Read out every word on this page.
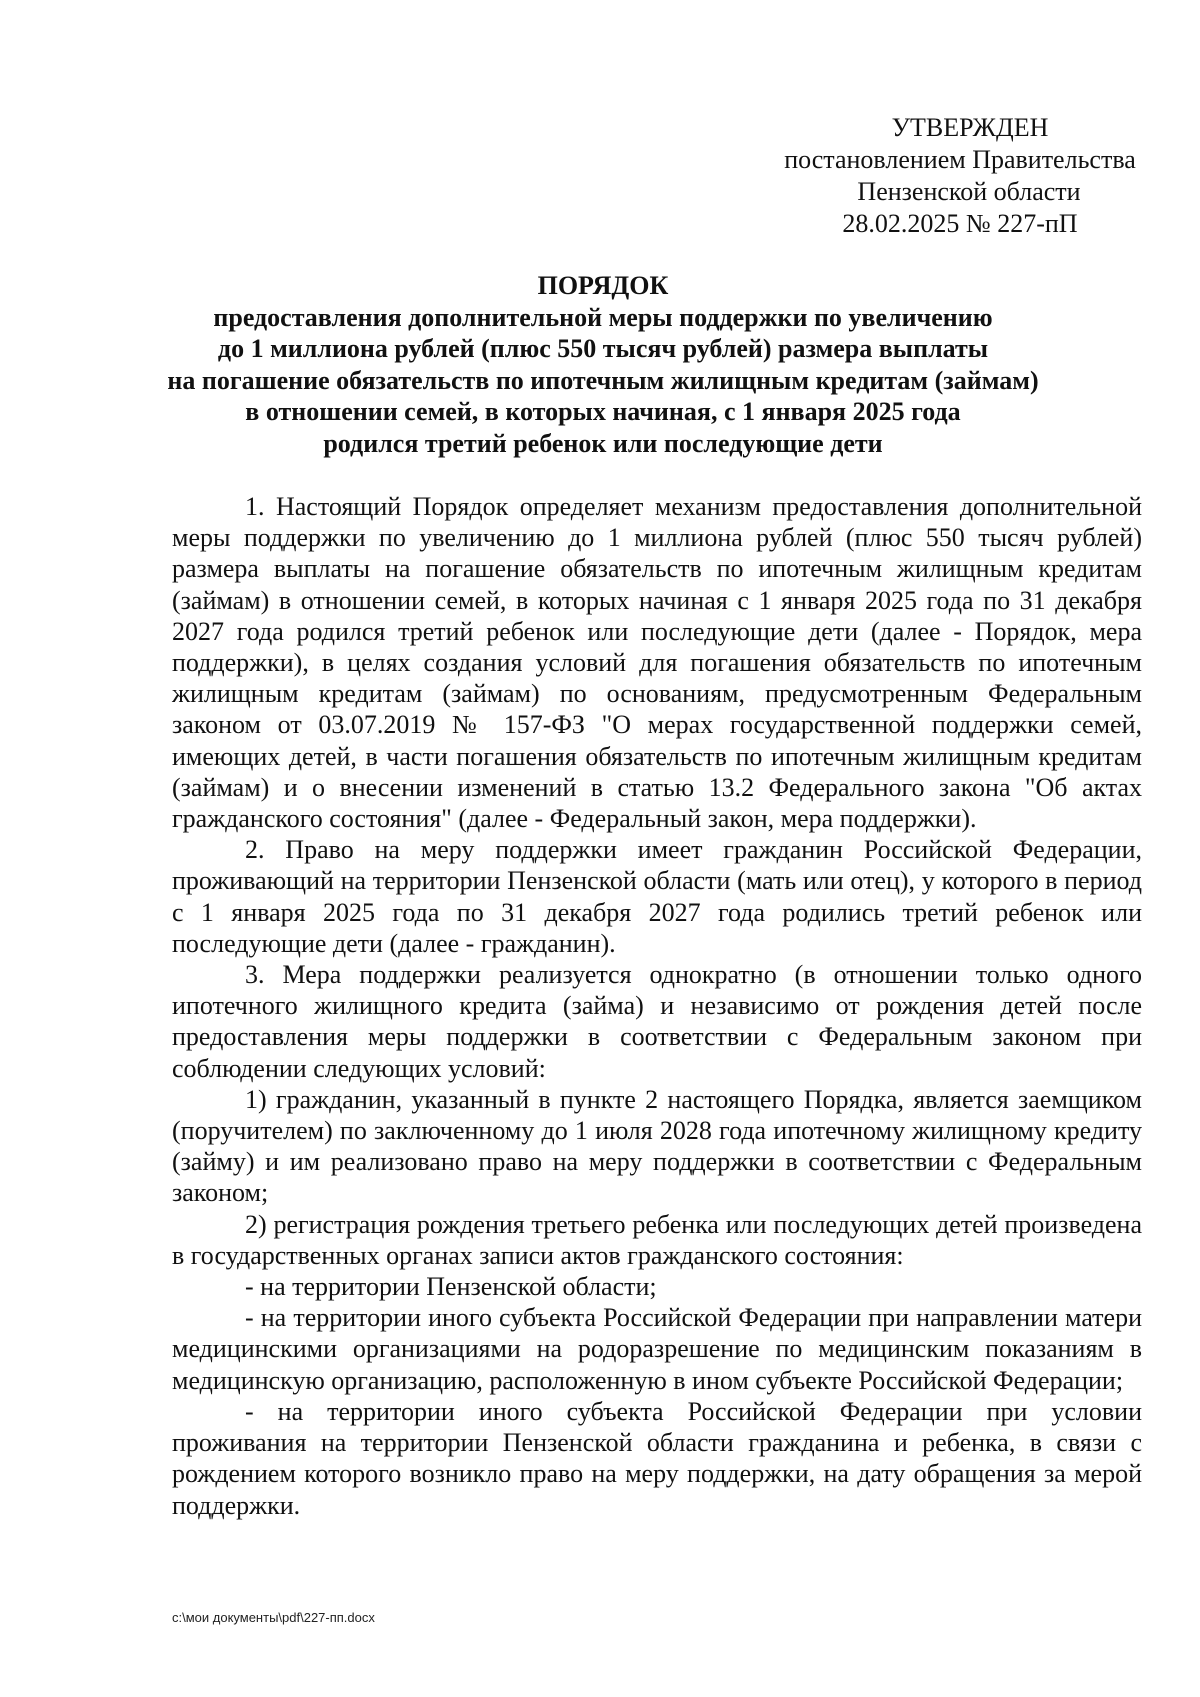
УТВЕРЖДЕН
постановлением Правительства
Пензенской области
28.02.2025 № 227-пП
ПОРЯДОК
предоставления дополнительной меры поддержки по увеличению
до 1 миллиона рублей (плюс 550 тысяч рублей) размера выплаты
на погашение обязательств по ипотечным жилищным кредитам (займам)
в отношении семей, в которых начиная, с 1 января 2025 года
родился третий ребенок или последующие дети

1. Настоящий Порядок определяет механизм предоставления дополнительной меры поддержки по увеличению до 1 миллиона рублей (плюс 550 тысяч рублей) размера выплаты на погашение обязательств по ипотечным жилищным кредитам (займам) в отношении семей, в которых начиная с 1 января 2025 года по 31 декабря 2027 года родился третий ребенок или последующие дети (далее - Порядок, мера поддержки), в целях создания условий для погашения обязательств по ипотечным жилищным кредитам (займам) по основаниям, предусмотренным Федеральным законом от 03.07.2019 № 157-ФЗ "О мерах государственной поддержки семей, имеющих детей, в части погашения обязательств по ипотечным жилищным кредитам (займам) и о внесении изменений в статью 13.2 Федерального закона "Об актах гражданского состояния" (далее - Федеральный закон, мера поддержки).

2. Право на меру поддержки имеет гражданин Российской Федерации, проживающий на территории Пензенской области (мать или отец), у которого в период с 1 января 2025 года по 31 декабря 2027 года родились третий ребенок или последующие дети (далее - гражданин).

3. Мера поддержки реализуется однократно (в отношении только одного ипотечного жилищного кредита (займа) и независимо от рождения детей после предоставления меры поддержки в соответствии с Федеральным законом при соблюдении следующих условий:

1) гражданин, указанный в пункте 2 настоящего Порядка, является заемщиком (поручителем) по заключенному до 1 июля 2028 года ипотечному жилищному кредиту (займу) и им реализовано право на меру поддержки в соответствии с Федеральным законом;

2) регистрация рождения третьего ребенка или последующих детей произведена в государственных органах записи актов гражданского состояния:

- на территории Пензенской области;

- на территории иного субъекта Российской Федерации при направлении матери медицинскими организациями на родоразрешение по медицинским показаниям в медицинскую организацию, расположенную в ином субъекте Российской Федерации;

- на территории иного субъекта Российской Федерации при условии проживания на территории Пензенской области гражданина и ребенка, в связи с рождением которого возникло право на меру поддержки, на дату обращения за мерой поддержки.

c:\мои документы\pdf\227-пп.docx
